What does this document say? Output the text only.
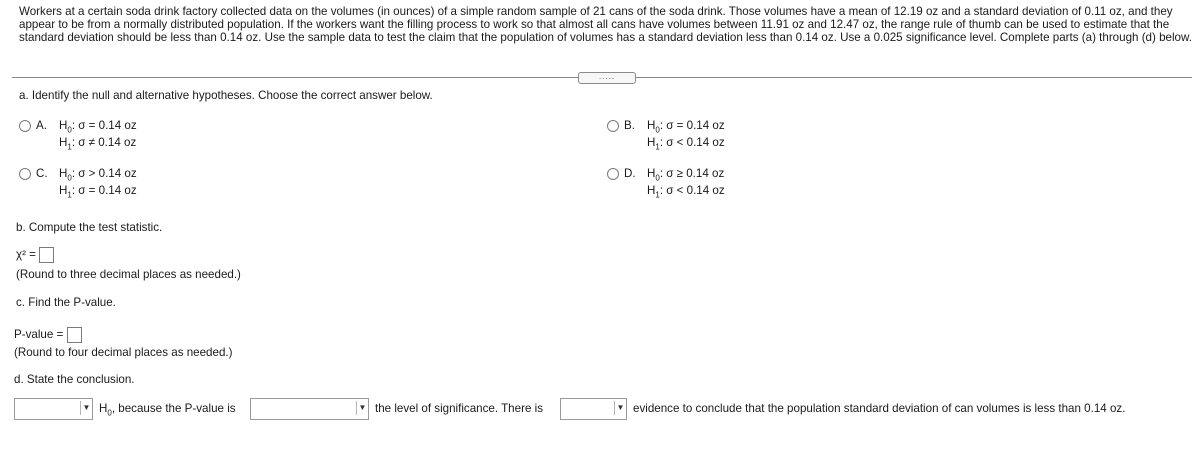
Workers at a certain soda drink factory collected data on the volumes (in ounces) of a simple random sample of 21 cans of the soda drink. Those volumes have a mean of 12.19 oz and a standard deviation of 0.11 oz, and they appear to be from a normally distributed population. If the workers want the filling process to work so that almost all cans have volumes between 11.91 oz and 12.47 oz, the range rule of thumb can be used to estimate that the standard deviation should be less than 0.14 oz. Use the sample data to test the claim that the population of volumes has a standard deviation less than 0.14 oz. Use a 0.025 significance level. Complete parts (a) through (d) below.
.....
a. Identify the null and alternative hypotheses. Choose the correct answer below.
A. $H_0$: σ = 0.14 oz
$H_1$: σ ≠ 0.14 oz
B. $H_0$: σ = 0.14 oz
$H_1$: σ < 0.14 oz
C. $H_0$: σ > 0.14 oz
$H_1$: σ = 0.14 oz
D. $H_0$: σ ≥ 0.14 oz
$H_1$: σ < 0.14 oz
b. Compute the test statistic.
χ² =
(Round to three decimal places as needed.)
c. Find the P-value.
P-value =
(Round to four decimal places as needed.)
d. State the conclusion.
▼ $H_0$, because the P-value is	▼ the level of significance. There is	▼ evidence to conclude that the population standard deviation of can volumes is less than 0.14 oz.
